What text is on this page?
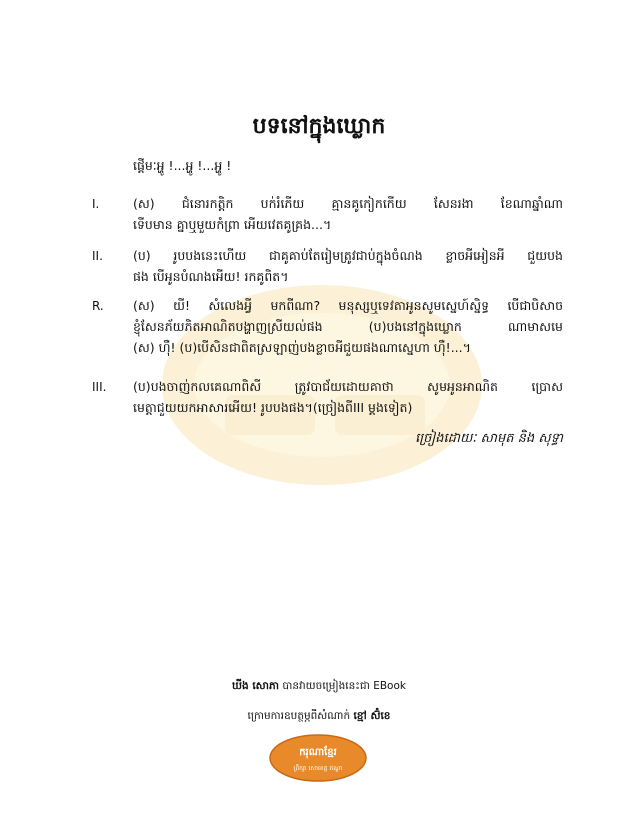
បទនៅក្នុងឃ្លោក
ផ្ដើមៈអ្ហូ !...អ្ហូ !...អ្ហូ !
I.	(ស) ជំនោរកត្តិក បក់រំភើយ គ្មានគូកៀកកើយ សែនរងា ខែណាឆ្នាំណា
ទើបមាន គ្នាឬមួយកំព្រា អើយវេតគូគ្រង...។
II.	(ប) រូបបងនេះហើយ ជាគូគាប់តែរៀមត្រូវជាប់ក្នុងចំណង ខ្លាចអីអៀនអី ជួយបង
ផង បើអូនបំណងអើយ! រកគូពិត។
R.	(ស) យី! សំលេងអ្វី មកពីណា? មនុស្សឬទេវតាអូនសូមស្នេហ៍ស្និទ្ធ បើជាបិសាច
ខ្ញុំសែនភ័យភិតអាណិតបង្ហាញស្រីយល់ផង (ប)បងនៅក្នុងឃ្លោក ណាមាសមេ
(ស) ហ៊ឺ! (ប)បើសិនជាពិតស្រឡាញ់បងខ្លាចអីជួយផងណាស្នេហា ហ៊ឺ!...។
III.	(ប)បងចាញ់កលគេណាពិសី ត្រូវបាជ័យដោយគាថា សូមអូនអាណិត ប្រោស
មេត្តាជួយយកអាសារអើយ! រូបបងផង។(ច្រៀងពីIII ម្ដងទៀត)
ច្រៀងដោយៈ សាមុត និង សុទ្ធា
ឃីង សោភា បានវាយចម្រៀងនេះជា EBook
ក្រោមការឧបត្ថម្ភពីសំណាក់ ខ្មៅ ស៊ំខេ
ករុណាខ្មែរ
ព្រឹក្សា សោខេត្ត ឥណ្ឌា
